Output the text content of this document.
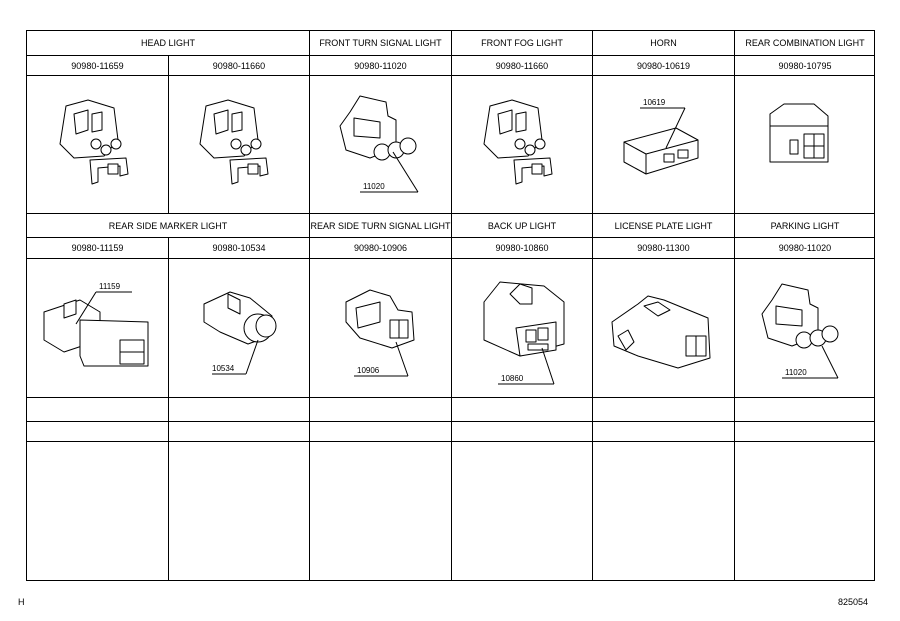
11020
10619
11159
10534	10906
10860
11020
HEAD LIGHT	FRONT TURN SIGNAL LIGHT	FRONT FOG LIGHT	HORN	REAR COMBINATION LIGHT
90980-11659	90980-11660	90980-11020	90980-11660	90980-10619	90980-10795
REAR SIDE MARKER LIGHT	REAR SIDE TURN SIGNAL LIGHT	BACK UP LIGHT	LICENSE PLATE LIGHT	PARKING LIGHT
90980-11159	90980-10534	90980-10906	90980-10860	90980-11300	90980-11020
H	825054
